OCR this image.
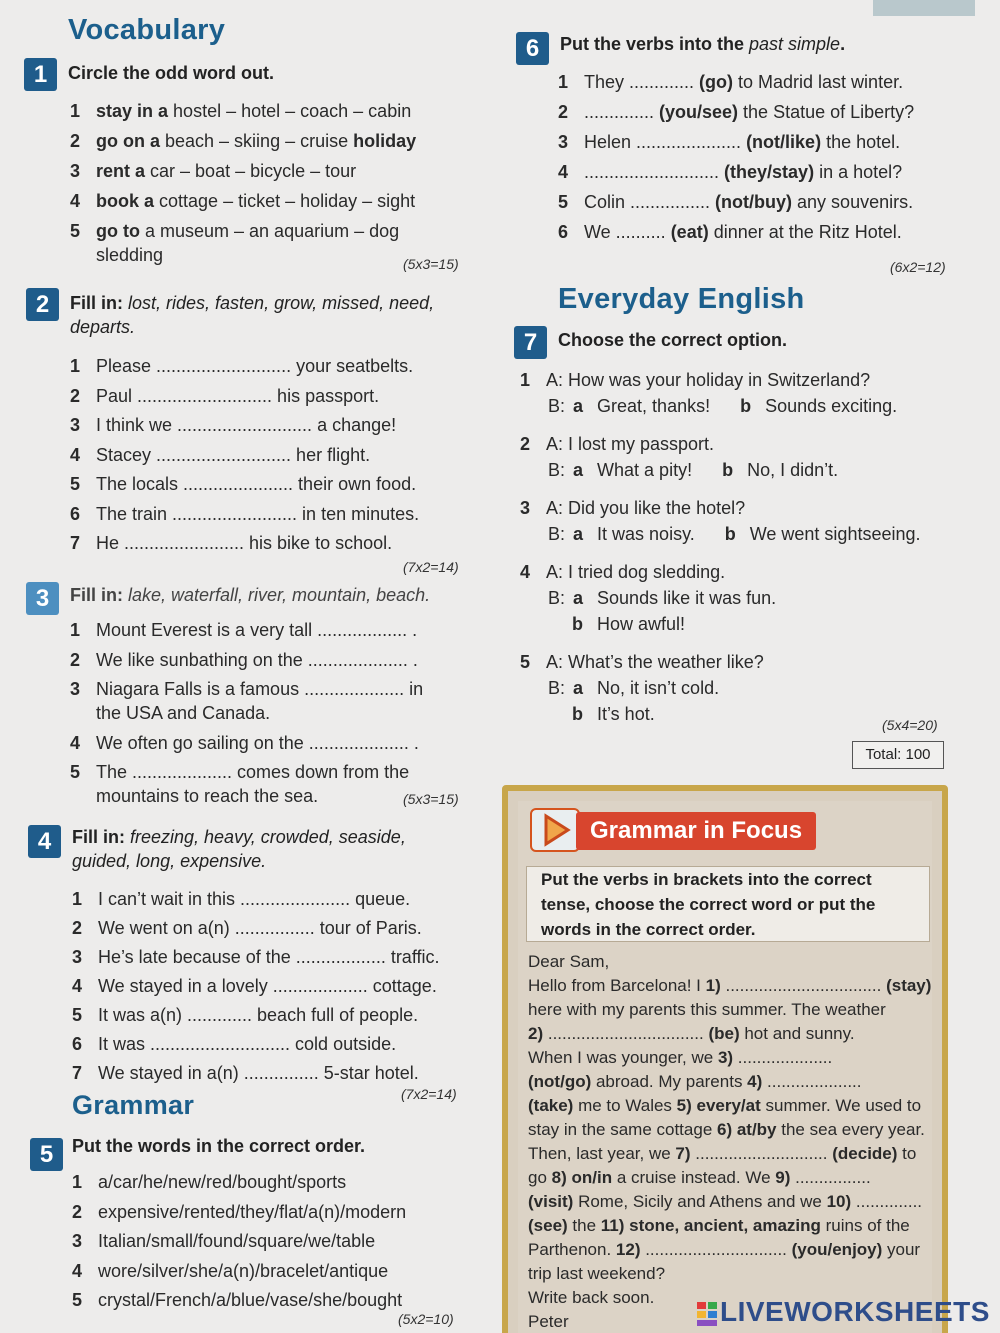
Vocabulary
1	Circle the odd word out.
1 stay in a hostel – hotel – coach – cabin
2 go on a beach – skiing – cruise holiday
3 rent a car – boat – bicycle – tour
4 book a cottage – ticket – holiday – sight
5 go to a museum – an aquarium – dog
sledding	(5x3=15)
2	Fill in: lost, rides, fasten, grow, missed, need,
departs.
1 Please ........................... your seatbelts.
2 Paul ........................... his passport.
3 I think we ........................... a change!
4 Stacey ........................... her flight.
5 The locals ...................... their own food.
6 The train ......................... in ten minutes.
7 He ........................ his bike to school.
(7x2=14)
3	Fill in: lake, waterfall, river, mountain, beach.
1 Mount Everest is a very tall .................. .
2 We like sunbathing on the .................... .
3 Niagara Falls is a famous .................... in
the USA and Canada.
4 We often go sailing on the .................... .
5 The .................... comes down from the
mountains to reach the sea.	(5x3=15)
4	Fill in: freezing, heavy, crowded, seaside,
guided, long, expensive.
1 I can’t wait in this ...................... queue.
2 We went on a(n) ................ tour of Paris.
3 He’s late because of the .................. traffic.
4 We stayed in a lovely ................... cottage.
5 It was a(n) ............. beach full of people.
6 It was ............................ cold outside.
7 We stayed in a(n) ............... 5-star hotel.
(7x2=14)
Grammar
5	Put the words in the correct order.
1 a/car/he/new/red/bought/sports
2 expensive/rented/they/flat/a(n)/modern
3 Italian/small/found/square/we/table
4 wore/silver/she/a(n)/bracelet/antique
5 crystal/French/a/blue/vase/she/bought
(5x2=10)
6	Put the verbs into the past simple.
1 They ............. (go) to Madrid last winter.
2 .............. (you/see) the Statue of Liberty?
3 Helen ..................... (not/like) the hotel.
4 ........................... (they/stay) in a hotel?
5 Colin ................ (not/buy) any souvenirs.
6 We .......... (eat) dinner at the Ritz Hotel.
(6x2=12)
Everyday English
7	Choose the correct option.
1 A: How was your holiday in Switzerland?
B: a Great, thanks! b Sounds exciting.
2 A: I lost my passport.
B: a What a pity! b No, I didn’t.
3 A: Did you like the hotel?
B: a It was noisy. b We went sightseeing.
4 A: I tried dog sledding.
B: a Sounds like it was fun.
b How awful!
5 A: What’s the weather like?
B: a No, it isn’t cold.
b It’s hot.
(5x4=20)
Total: 100
Grammar in Focus
Put the verbs in brackets into the correct
tense, choose the correct word or put the
words in the correct order.
Dear Sam,
Hello from Barcelona! I 1) ................................. (stay)
here with my parents this summer. The weather
2) ................................. (be) hot and sunny.
When I was younger, we 3) ....................
(not/go) abroad. My parents 4) ....................
(take) me to Wales 5) every/at summer. We used to
stay in the same cottage 6) at/by the sea every year.
Then, last year, we 7) ............................ (decide) to
go 8) on/in a cruise instead. We 9) ................
(visit) Rome, Sicily and Athens and we 10) ..............
(see) the 11) stone, ancient, amazing ruins of the
Parthenon. 12) .............................. (you/enjoy) your
trip last weekend?
Write back soon.
Peter	LIVEWORKSHEETS
